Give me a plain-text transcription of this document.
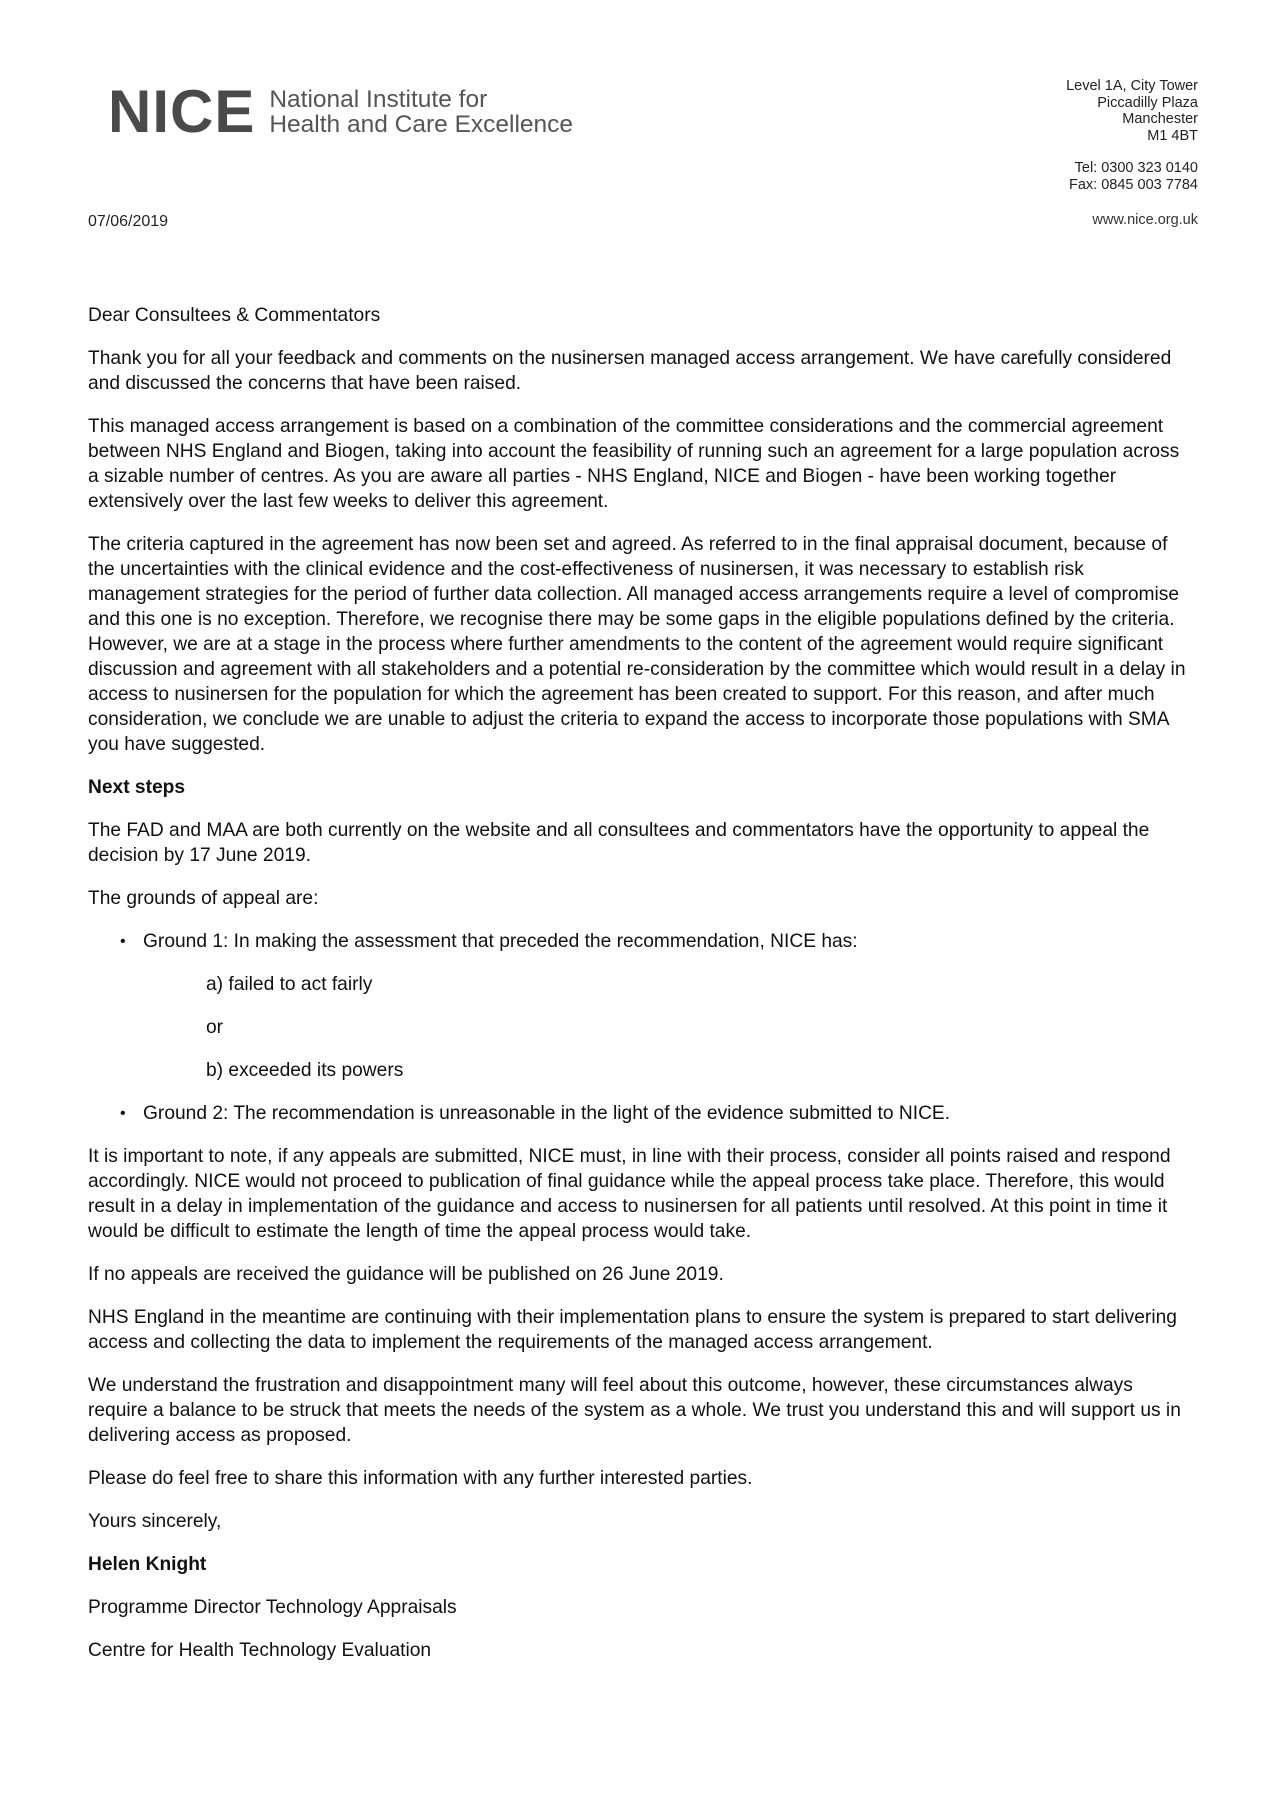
NICE National Institute for
Health and Care Excellence
Level 1A, City Tower
Piccadilly Plaza
Manchester
M1 4BT
Tel: 0300 323 0140
Fax: 0845 003 7784
www.nice.org.uk
07/06/2019

Dear Consultees & Commentators

Thank you for all your feedback and comments on the nusinersen managed access arrangement. We have carefully considered and discussed the concerns that have been raised.

This managed access arrangement is based on a combination of the committee considerations and the commercial agreement between NHS England and Biogen, taking into account the feasibility of running such an agreement for a large population across a sizable number of centres. As you are aware all parties - NHS England, NICE and Biogen - have been working together extensively over the last few weeks to deliver this agreement.

The criteria captured in the agreement has now been set and agreed. As referred to in the final appraisal document, because of the uncertainties with the clinical evidence and the cost-effectiveness of nusinersen, it was necessary to establish risk management strategies for the period of further data collection. All managed access arrangements require a level of compromise and this one is no exception. Therefore, we recognise there may be some gaps in the eligible populations defined by the criteria. However, we are at a stage in the process where further amendments to the content of the agreement would require significant discussion and agreement with all stakeholders and a potential re-consideration by the committee which would result in a delay in access to nusinersen for the population for which the agreement has been created to support. For this reason, and after much consideration, we conclude we are unable to adjust the criteria to expand the access to incorporate those populations with SMA you have suggested.

Next steps

The FAD and MAA are both currently on the website and all consultees and commentators have the opportunity to appeal the decision by 17 June 2019.

The grounds of appeal are:

• Ground 1: In making the assessment that preceded the recommendation, NICE has:

a) failed to act fairly

or

b) exceeded its powers

• Ground 2: The recommendation is unreasonable in the light of the evidence submitted to NICE.

It is important to note, if any appeals are submitted, NICE must, in line with their process, consider all points raised and respond accordingly. NICE would not proceed to publication of final guidance while the appeal process take place. Therefore, this would result in a delay in implementation of the guidance and access to nusinersen for all patients until resolved. At this point in time it would be difficult to estimate the length of time the appeal process would take.

If no appeals are received the guidance will be published on 26 June 2019.

NHS England in the meantime are continuing with their implementation plans to ensure the system is prepared to start delivering access and collecting the data to implement the requirements of the managed access arrangement.

We understand the frustration and disappointment many will feel about this outcome, however, these circumstances always require a balance to be struck that meets the needs of the system as a whole. We trust you understand this and will support us in delivering access as proposed.

Please do feel free to share this information with any further interested parties.

Yours sincerely,

Helen Knight

Programme Director Technology Appraisals

Centre for Health Technology Evaluation
